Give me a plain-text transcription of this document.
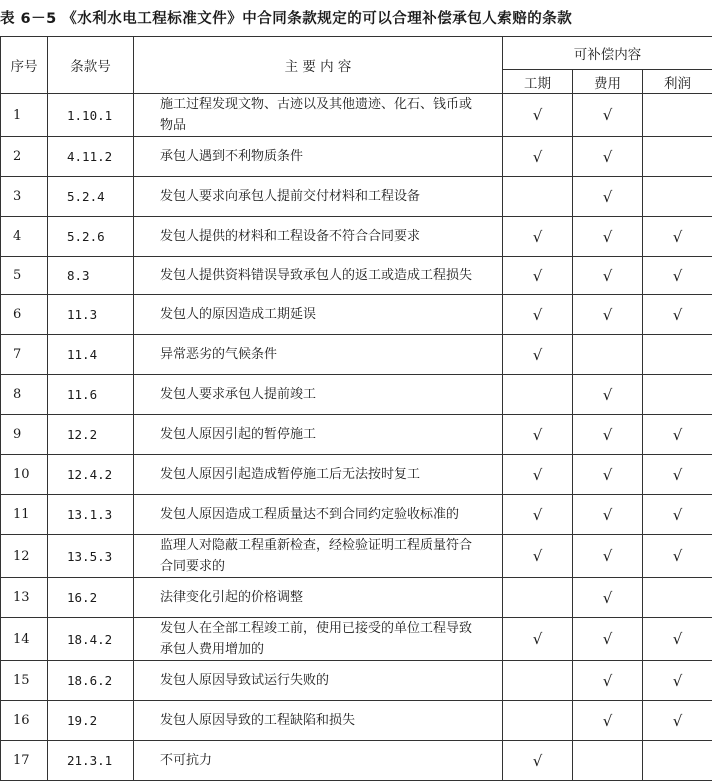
表 6－5 《水利水电工程标准文件》中合同条款规定的可以合理补偿承包人索赔的条款
序号	条款号	主 要 内 容	可补偿内容		
			工期	费用	利润
1	1.10.1	施工过程发现文物、古迹以及其他遗迹、化石、钱币或物品	√	√	
2	4.11.2	承包人遇到不利物质条件	√	√	
3	5.2.4	发包人要求向承包人提前交付材料和工程设备		√	
4	5.2.6	发包人提供的材料和工程设备不符合合同要求	√	√	√
5	8.3	发包人提供资料错误导致承包人的返工或造成工程损失	√	√	√
6	11.3	发包人的原因造成工期延误	√	√	√
7	11.4	异常恶劣的气候条件	√		
8	11.6	发包人要求承包人提前竣工		√	
9	12.2	发包人原因引起的暂停施工	√	√	√
10	12.4.2	发包人原因引起造成暂停施工后无法按时复工	√	√	√
11	13.1.3	发包人原因造成工程质量达不到合同约定验收标准的	√	√	√
12	13.5.3	监理人对隐蔽工程重新检查，经检验证明工程质量符合合同要求的	√	√	√
13	16.2	法律变化引起的价格调整		√	
14	18.4.2	发包人在全部工程竣工前，使用已接受的单位工程导致承包人费用增加的	√	√	√
15	18.6.2	发包人原因导致试运行失败的		√	√
16	19.2	发包人原因导致的工程缺陷和损失		√	√
17	21.3.1	不可抗力	√		
